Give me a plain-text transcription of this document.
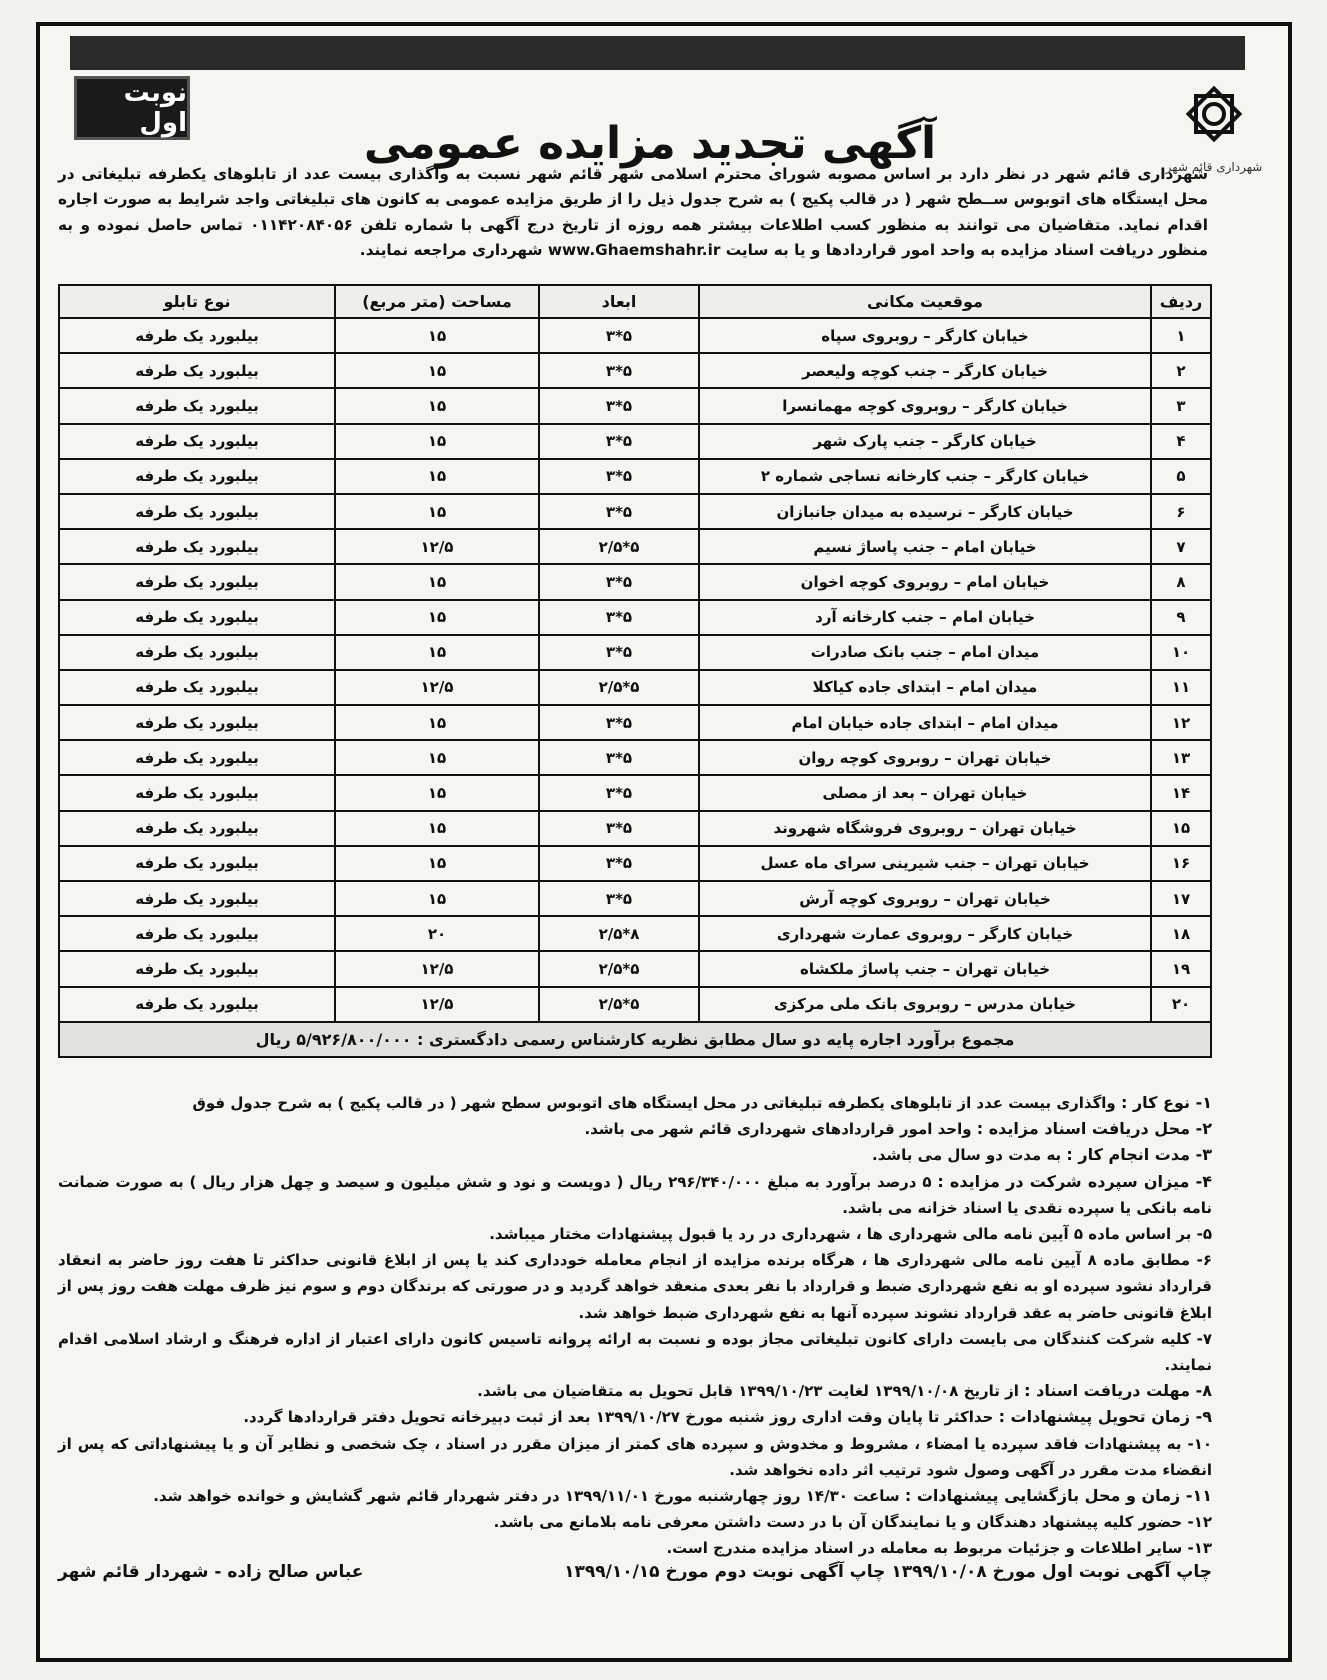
نوبت اول
شهرداری قائم شهر
آگهی تجدید مزایده عمومی
شهرداری قائم شهر در نظر دارد بر اساس مصوبه شورای محترم اسلامی شهر قائم شهر نسبت به واگذاری بیست عدد از تابلوهای یکطرفه تبلیغاتی در محل ایستگاه های اتوبوس ســطح شهر ( در قالب پکیج ) به شرح جدول ذیل را از طریق مزایده عمومی به کانون های تبلیغاتی واجد شرایط به صورت اجاره اقدام نماید. متقاضیان می توانند به منظور کسب اطلاعات بیشتر همه روزه از تاریخ درج آگهی با شماره تلفن ۰۱۱۴۲۰۸۴۰۵۶ تماس حاصل نموده و به منظور دریافت اسناد مزایده به واحد امور قراردادها و یا به سایت www.Ghaemshahr.ir شهرداری مراجعه نمایند.
ردیف	موقعیت مکانی	ابعاد	مساحت (متر مربع)	نوع تابلو
۱	خیابان کارگر – روبروی سپاه	۵*۳	۱۵	بیلبورد یک طرفه
۲	خیابان کارگر – جنب کوچه ولیعصر	۵*۳	۱۵	بیلبورد یک طرفه
۳	خیابان کارگر – روبروی کوچه مهمانسرا	۵*۳	۱۵	بیلبورد یک طرفه
۴	خیابان کارگر – جنب پارک شهر	۵*۳	۱۵	بیلبورد یک طرفه
۵	خیابان کارگر – جنب کارخانه نساجی شماره ۲	۵*۳	۱۵	بیلبورد یک طرفه
۶	خیابان کارگر – نرسیده به میدان جانبازان	۵*۳	۱۵	بیلبورد یک طرفه
۷	خیابان امام – جنب پاساژ نسیم	۵*۲/۵	۱۲/۵	بیلبورد یک طرفه
۸	خیابان امام – روبروی کوچه اخوان	۵*۳	۱۵	بیلبورد یک طرفه
۹	خیابان امام – جنب کارخانه آرد	۵*۳	۱۵	بیلبورد یک طرفه
۱۰	میدان امام – جنب بانک صادرات	۵*۳	۱۵	بیلبورد یک طرفه
۱۱	میدان امام – ابتدای جاده کیاکلا	۵*۲/۵	۱۲/۵	بیلبورد یک طرفه
۱۲	میدان امام – ابتدای جاده خیابان امام	۵*۳	۱۵	بیلبورد یک طرفه
۱۳	خیابان تهران – روبروی کوچه روان	۵*۳	۱۵	بیلبورد یک طرفه
۱۴	خیابان تهران – بعد از مصلی	۵*۳	۱۵	بیلبورد یک طرفه
۱۵	خیابان تهران – روبروی فروشگاه شهروند	۵*۳	۱۵	بیلبورد یک طرفه
۱۶	خیابان تهران – جنب شیرینی سرای ماه عسل	۵*۳	۱۵	بیلبورد یک طرفه
۱۷	خیابان تهران – روبروی کوچه آرش	۵*۳	۱۵	بیلبورد یک طرفه
۱۸	خیابان کارگر – روبروی عمارت شهرداری	۸*۲/۵	۲۰	بیلبورد یک طرفه
۱۹	خیابان تهران – جنب پاساژ ملکشاه	۵*۲/۵	۱۲/۵	بیلبورد یک طرفه
۲۰	خیابان مدرس – روبروی بانک ملی مرکزی	۵*۲/۵	۱۲/۵	بیلبورد یک طرفه
مجموع برآورد اجاره پایه دو سال مطابق نظریه کارشناس رسمی دادگستری : ۵/۹۲۶/۸۰۰/۰۰۰ ریال				

۱- نوع کار : واگذاری بیست عدد از تابلوهای یکطرفه تبلیغاتی در محل ایستگاه های اتوبوس سطح شهر ( در قالب پکیج ) به شرح جدول فوق

۲- محل دریافت اسناد مزایده : واحد امور قراردادهای شهرداری قائم شهر می باشد.

۳- مدت انجام کار : به مدت دو سال می باشد.

۴- میزان سپرده شرکت در مزایده : ۵ درصد برآورد به مبلغ ۲۹۶/۳۴۰/۰۰۰ ریال ( دویست و نود و شش میلیون و سیصد و چهل هزار ریال ) به صورت ضمانت نامه بانکی یا سپرده نقدی یا اسناد خزانه می باشد.

۵- بر اساس ماده ۵ آیین نامه مالی شهرداری ها ، شهرداری در رد یا قبول پیشنهادات مختار میباشد.

۶- مطابق ماده ۸ آیین نامه مالی شهرداری ها ، هرگاه برنده مزایده از انجام معامله خودداری کند یا پس از ابلاغ قانونی حداکثر تا هفت روز حاضر به انعقاد قرارداد نشود سپرده او به نفع شهرداری ضبط و قرارداد با نفر بعدی منعقد خواهد گردید و در صورتی که برندگان دوم و سوم نیز ظرف مهلت هفت روز پس از ابلاغ قانونی حاضر به عقد قرارداد نشوند سپرده آنها به نفع شهرداری ضبط خواهد شد.

۷- کلیه شرکت کنندگان می بایست دارای کانون تبلیغاتی مجاز بوده و نسبت به ارائه پروانه تاسیس کانون دارای اعتبار از اداره فرهنگ و ارشاد اسلامی اقدام نمایند.

۸- مهلت دریافت اسناد : از تاریخ ۱۳۹۹/۱۰/۰۸ لغایت ۱۳۹۹/۱۰/۲۳ قابل تحویل به متقاضیان می باشد.

۹- زمان تحویل پیشنهادات : حداکثر تا پایان وقت اداری روز شنبه مورخ ۱۳۹۹/۱۰/۲۷ بعد از ثبت دبیرخانه تحویل دفتر قراردادها گردد.

۱۰- به پیشنهادات فاقد سپرده یا امضاء ، مشروط و مخدوش و سپرده های کمتر از میزان مقرر در اسناد ، چک شخصی و نظایر آن و یا پیشنهاداتی که پس از انقضاء مدت مقرر در آگهی وصول شود ترتیب اثر داده نخواهد شد.

۱۱- زمان و محل بازگشایی پیشنهادات : ساعت ۱۴/۳۰ روز چهارشنبه مورخ ۱۳۹۹/۱۱/۰۱ در دفتر شهردار قائم شهر گشایش و خوانده خواهد شد.

۱۲- حضور کلیه پیشنهاد دهندگان و یا نمایندگان آن با در دست داشتن معرفی نامه بلامانع می باشد.

۱۳- سایر اطلاعات و جزئیات مربوط به معامله در اسناد مزایده مندرج است.

چاپ آگهی نوبت اول مورخ ۱۳۹۹/۱۰/۰۸ چاپ آگهی نوبت دوم مورخ ۱۳۹۹/۱۰/۱۵
عباس صالح زاده - شهردار قائم شهر
